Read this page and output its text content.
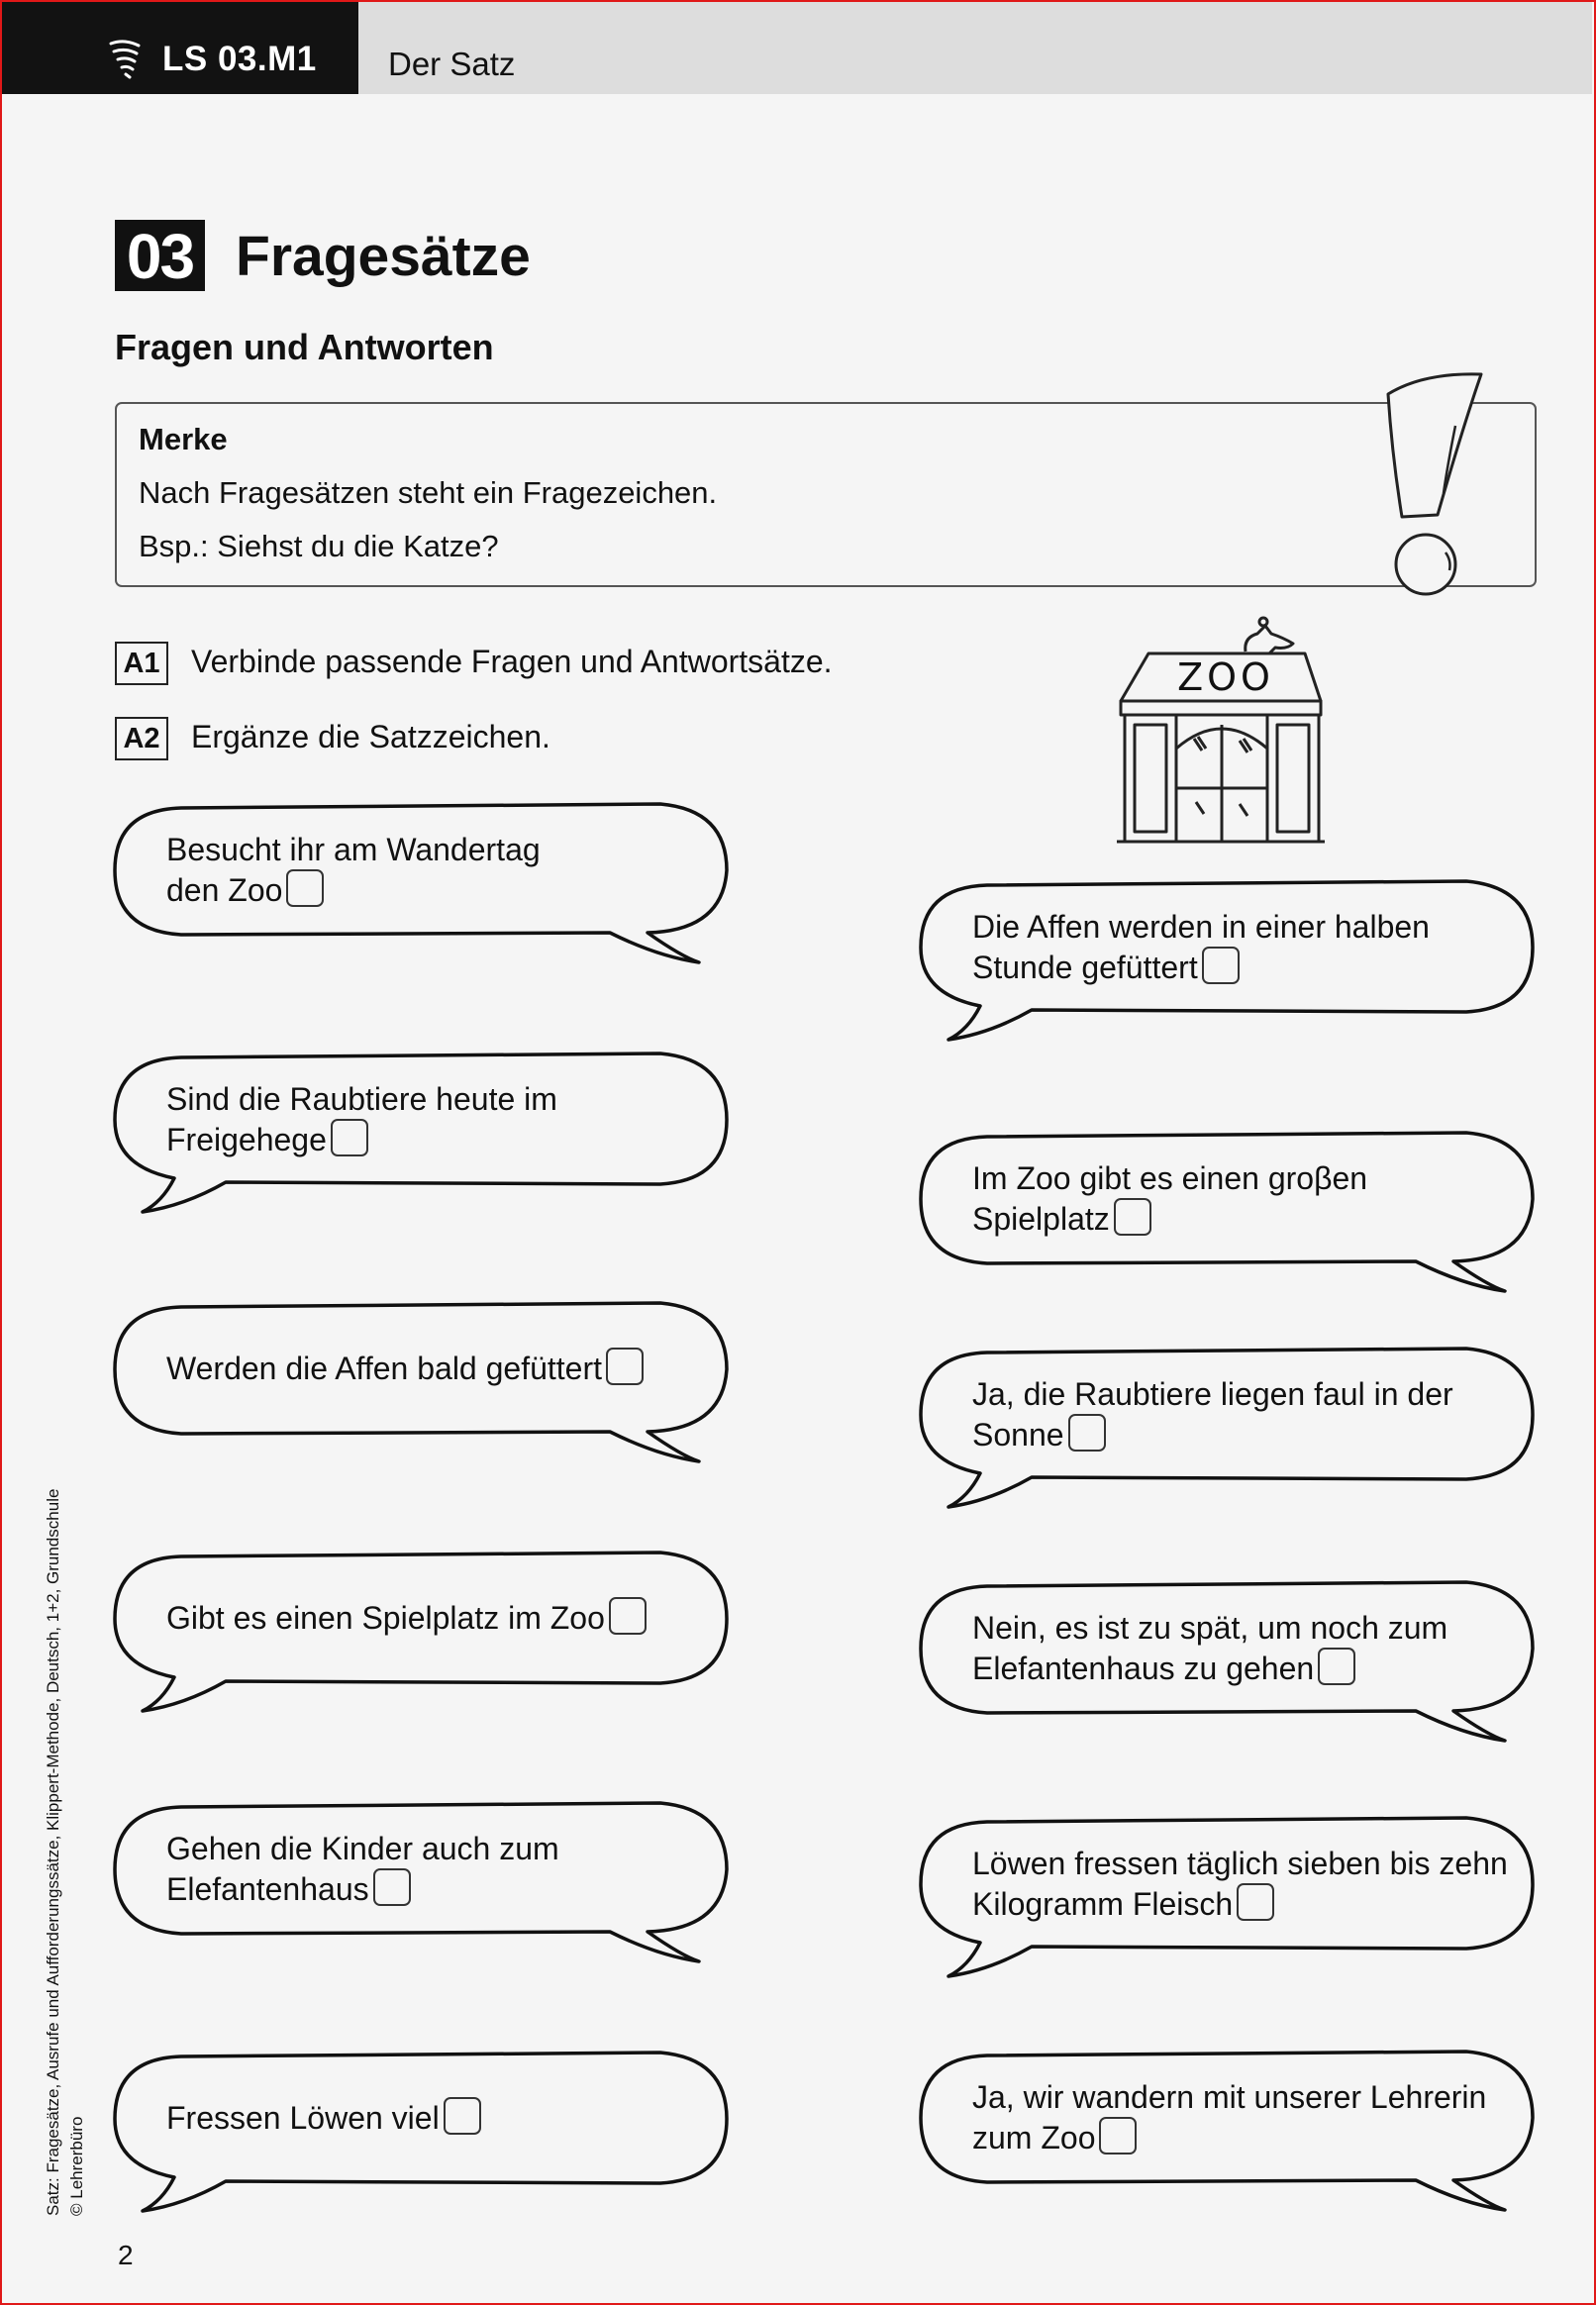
LS 03.M1 Der Satz
03 Fragesätze
Fragen und Antworten
Merke
Nach Fragesätzen steht ein Fragezeichen.
Bsp.: Siehst du die Katze?
A1 Verbinde passende Fragen und Antwortsätze.
A2 Ergänze die Satzzeichen.
ZOO
Besucht ihr am Wandertag
den Zoo
Sind die Raubtiere heute im
Freigehege
Werden die Affen bald gefüttert
Gibt es einen Spielplatz im Zoo
Gehen die Kinder auch zum
Elefantenhaus
Fressen Löwen viel
Die Affen werden in einer halben
Stunde gefüttert
Im Zoo gibt es einen groβen
Spielplatz
Ja, die Raubtiere liegen faul in der
Sonne
Nein, es ist zu spät, um noch zum
Elefantenhaus zu gehen
Löwen fressen täglich sieben bis zehn
Kilogramm Fleisch
Ja, wir wandern mit unserer Lehrerin
zum Zoo
Satz: Fragesätze, Ausrufe und Aufforderungssätze, Klippert-Methode, Deutsch, 1+2, Grundschule © Lehrerbüro
2
